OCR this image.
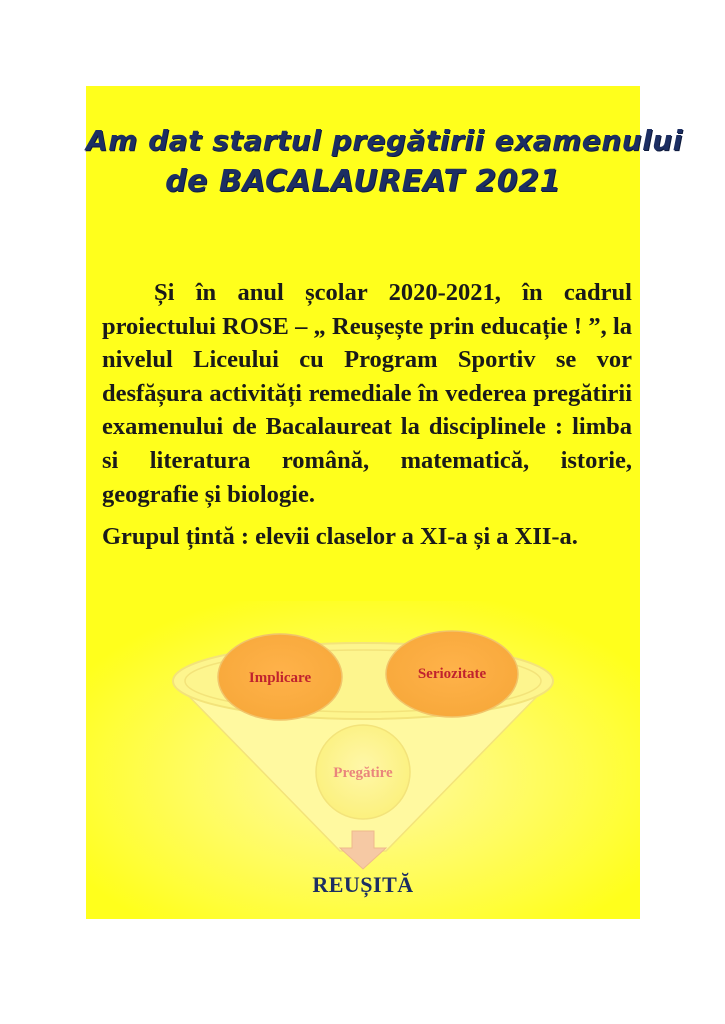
Am dat startul pregătirii examenului
de BACALAUREAT 2021

Și în anul școlar 2020-2021, în cadrul proiectului ROSE – „ Reușește prin educație ! ”, la nivelul Liceului cu Program Sportiv se vor desfășura activități remediale în vederea pregătirii examenului de Bacalaureat la disciplinele : limba si literatura română, matematică, istorie, geografie și biologie.

Grupul țintă : elevii claselor a XI-a și a XII-a.

Implicare	Seriozitate
Pregătire
REUȘITĂ
